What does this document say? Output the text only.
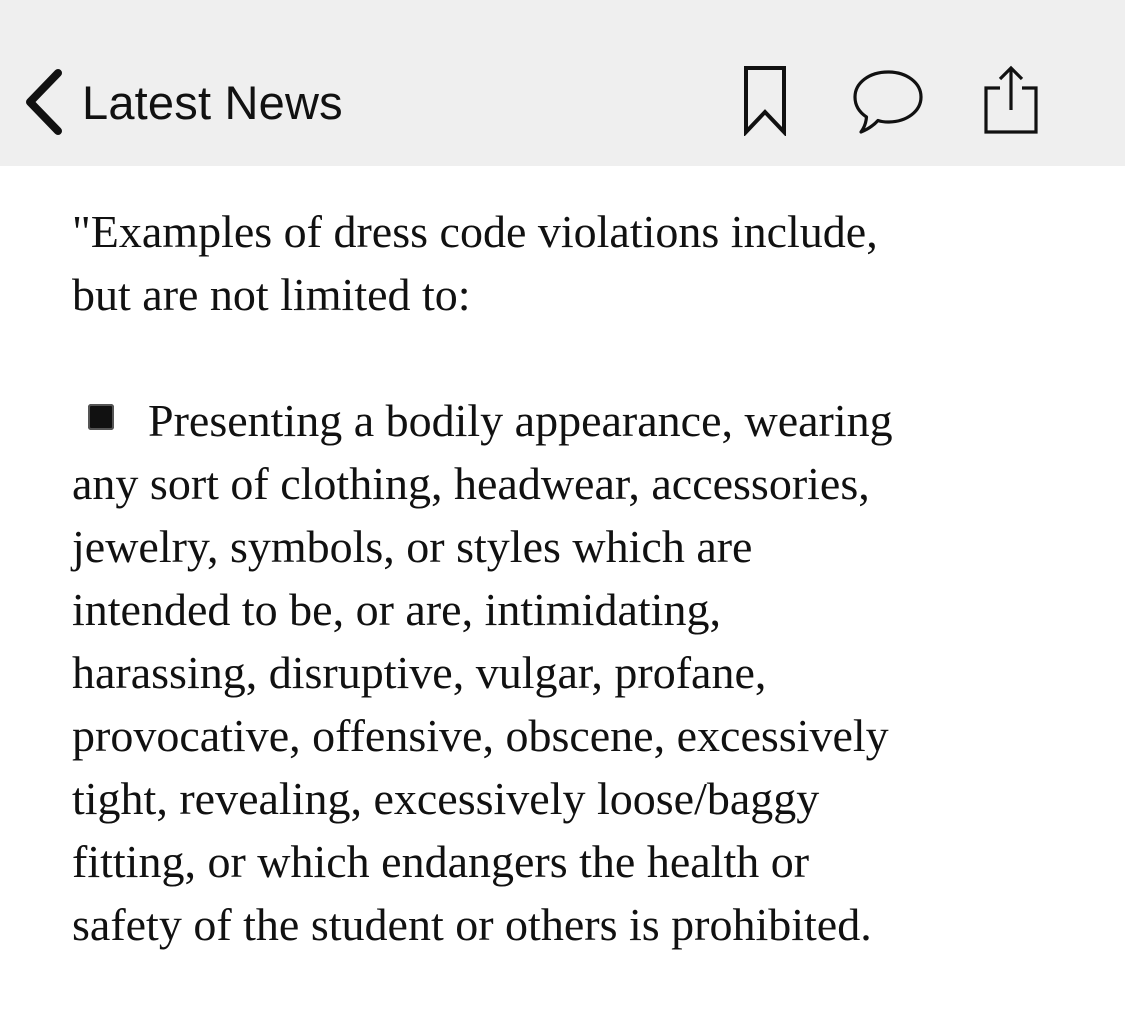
Latest News
"Examples of dress code violations include,
but are not limited to:
Presenting a bodily appearance, wearing
any sort of clothing, headwear, accessories,
jewelry, symbols, or styles which are
intended to be, or are, intimidating,
harassing, disruptive, vulgar, profane,
provocative, offensive, obscene, excessively
tight, revealing, excessively loose/baggy
fitting, or which endangers the health or
safety of the student or others is prohibited.
